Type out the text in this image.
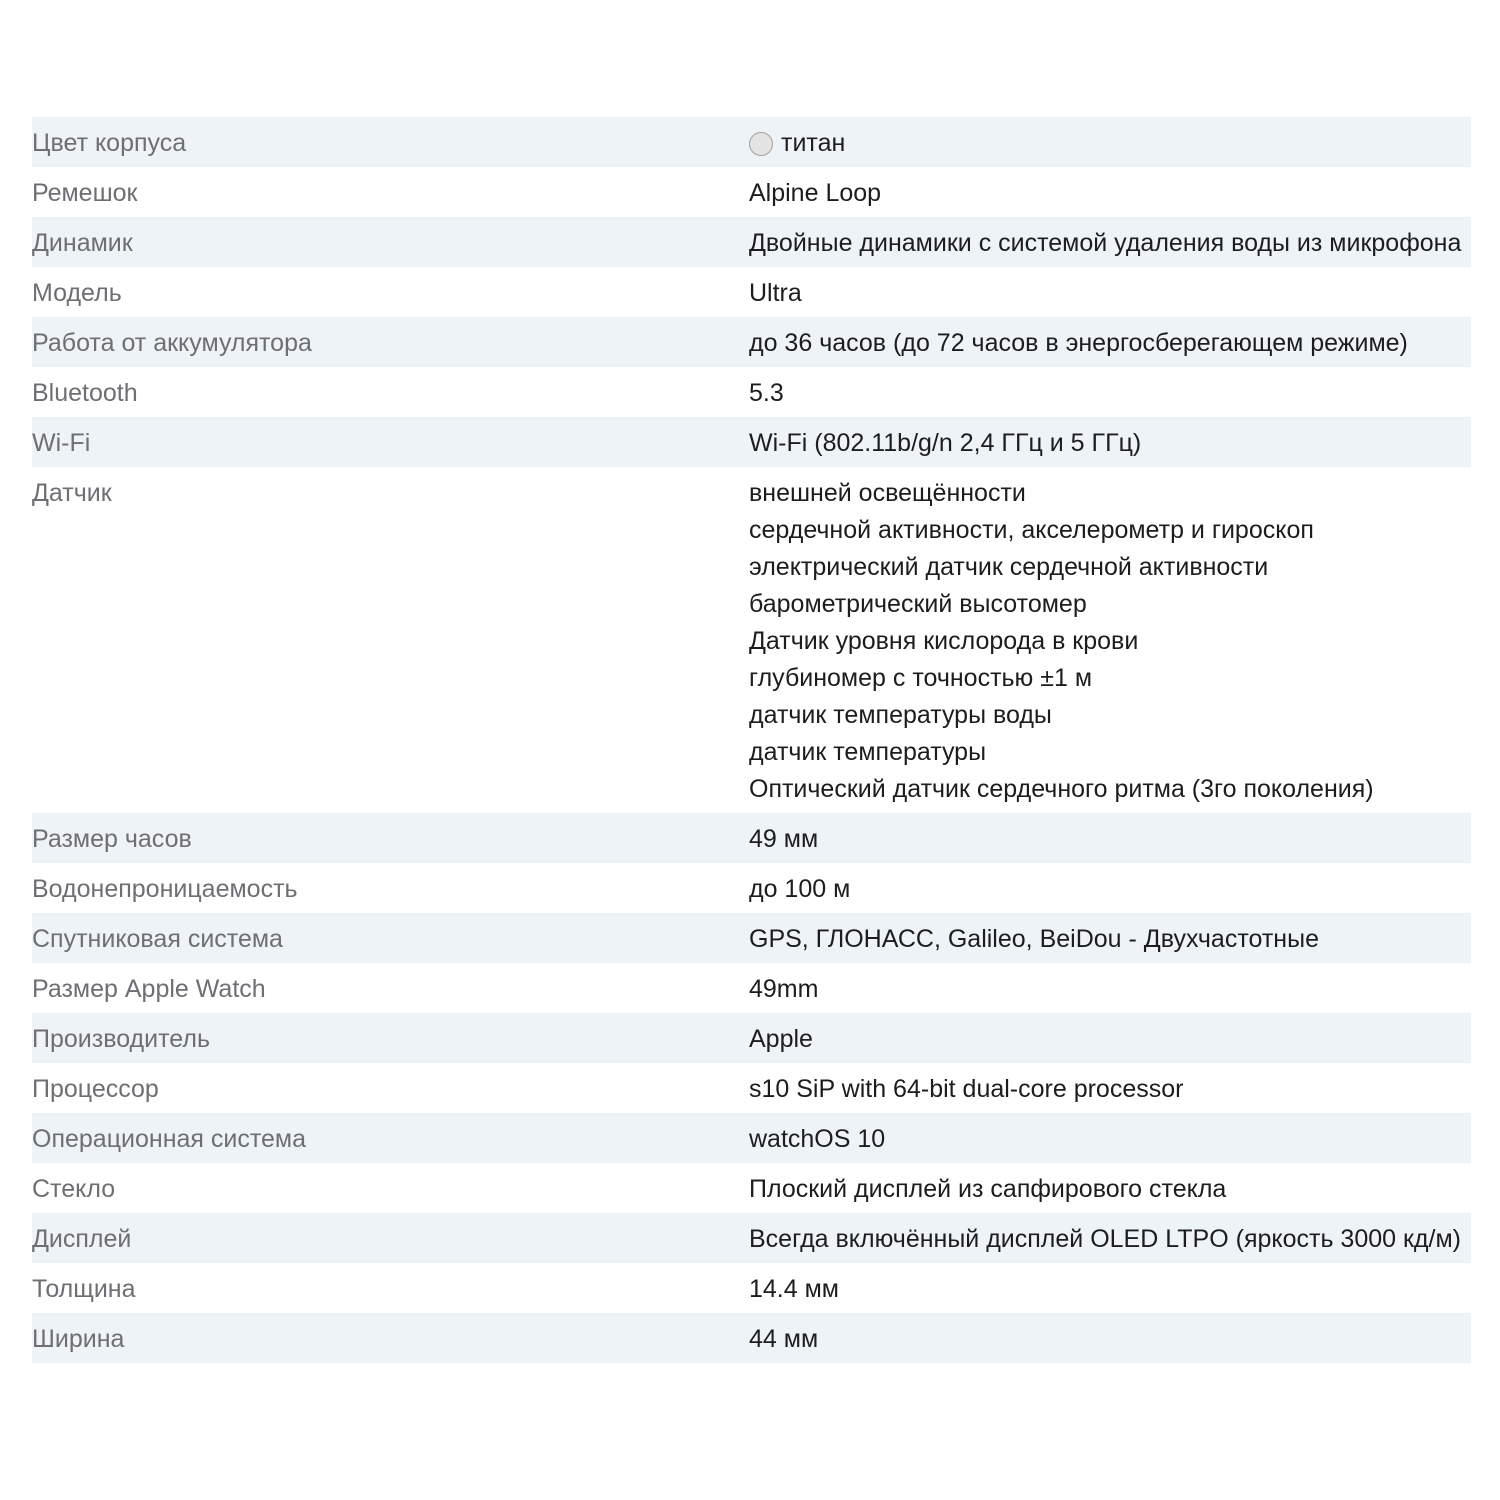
Цвет корпуса	титан
Ремешок	Alpine Loop
Динамик	Двойные динамики с системой удаления воды из микрофона
Модель	Ultra
Работа от аккумулятора	до 36 часов (до 72 часов в энергосберегающем режиме)
Bluetooth	5.3
Wi-Fi	Wi-Fi (802.11b/g/n 2,4 ГГц и 5 ГГц)
Датчик	внешней освещённости
сердечной активности, акселерометр и гироскоп
электрический датчик сердечной активности
барометрический высотомер
Датчик уровня кислорода в крови
глубиномер с точностью ±1 м
датчик температуры воды
датчик температуры
Оптический датчик сердечного ритма (3го поколения)
Размер часов	49 мм
Водонепроницаемость	до 100 м
Спутниковая система	GPS, ГЛОНАСС, Galileo, BeiDou - Двухчастотные
Размер Apple Watch	49mm
Производитель	Apple
Процессор	s10 SiP with 64-bit dual-core processor
Операционная система	watchOS 10
Стекло	Плоский дисплей из сапфирового стекла
Дисплей	Всегда включённый дисплей OLED LTPO (яркость 3000 кд/м)
Толщина	14.4 мм
Ширина	44 мм
